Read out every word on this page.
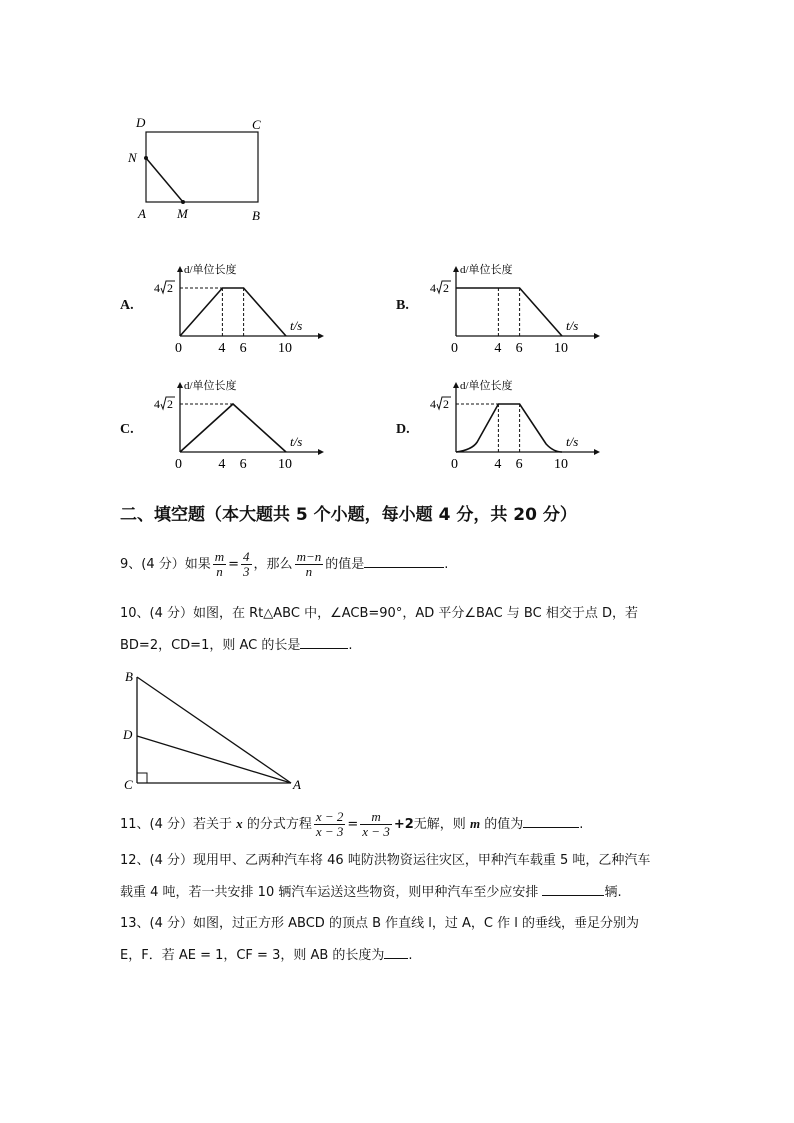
D	C
N
A M	B
A.
d/单位长度
t/s
4 2
0	4 6 10
B.
d/单位长度
t/s
4 2
0	4 6 10
C.
d/单位长度
t/s
4 2
0	4 6 10
D.
d/单位长度
t/s
4 2
0	4 6 10
二、填空题（本大题共 5 个小题，每小题 4 分，共 20 分）
9、(4 分）如果 $\frac{m}{n} = \frac{4}{3}$ ，那么 $\frac{m-n}{n}$ 的值是	.
10、(4 分）如图，在 Rt△ABC 中，∠ACB=90°，AD 平分∠BAC 与 BC 相交于点 D，若
BD=2，CD=1，则 AC 的长是	.
B
D
C	A
11、(4 分）若关于 x 的分式方程 $\frac{x - 2}{x - 3} = \frac{m}{x - 3} +2$无解，则 m 的值为	.
12、(4 分）现用甲、乙两种汽车将 46 吨防洪物资运往灾区，甲种汽车载重 5 吨，乙种汽车
载重 4 吨，若一共安排 10 辆汽车运送这些物资，则甲种汽车至少应安排	辆.
13、(4 分）如图，过正方形 ABCD 的顶点 B 作直线 l，过 A，C 作 l 的垂线，垂足分别为
E，F．若 AE = 1，CF = 3，则 AB 的长度为 .
